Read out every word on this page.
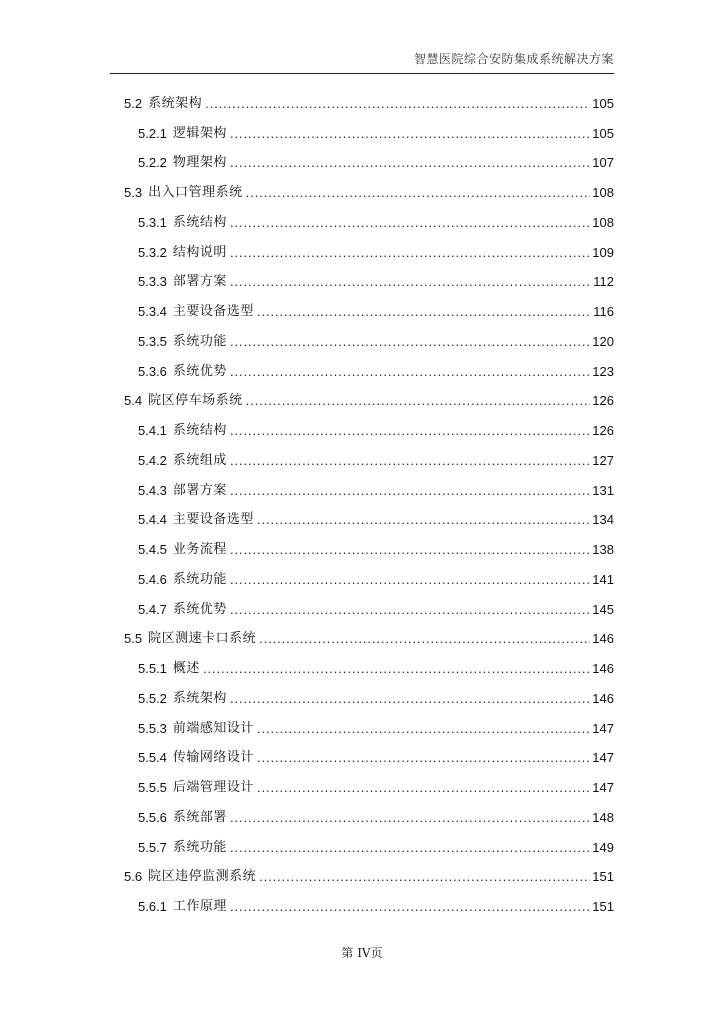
智慧医院综合安防集成系统解决方案
5.2 系统架构 .....	105
5.2.1 逻辑架构 .....	105
5.2.2 物理架构 .....	107
5.3 出入口管理系统 .....	108
5.3.1 系统结构 .....	108
5.3.2 结构说明 .....	109
5.3.3 部署方案 .....	112
5.3.4 主要设备选型 .....	116
5.3.5 系统功能 .....	120
5.3.6 系统优势 .....	123
5.4 院区停车场系统 .....	126
5.4.1 系统结构 .....	126
5.4.2 系统组成 .....	127
5.4.3 部署方案 .....	131
5.4.4 主要设备选型 .....	134
5.4.5 业务流程 .....	138
5.4.6 系统功能 .....	141
5.4.7 系统优势 .....	145
5.5 院区测速卡口系统 .....	146
5.5.1 概述 .....	146
5.5.2 系统架构 .....	146
5.5.3 前端感知设计 .....	147
5.5.4 传输网络设计 .....	147
5.5.5 后端管理设计 .....	147
5.5.6 系统部署 .....	148
5.5.7 系统功能 .....	149
5.6 院区违停监测系统 .....	151
5.6.1 工作原理 .....	151
第 IV页
